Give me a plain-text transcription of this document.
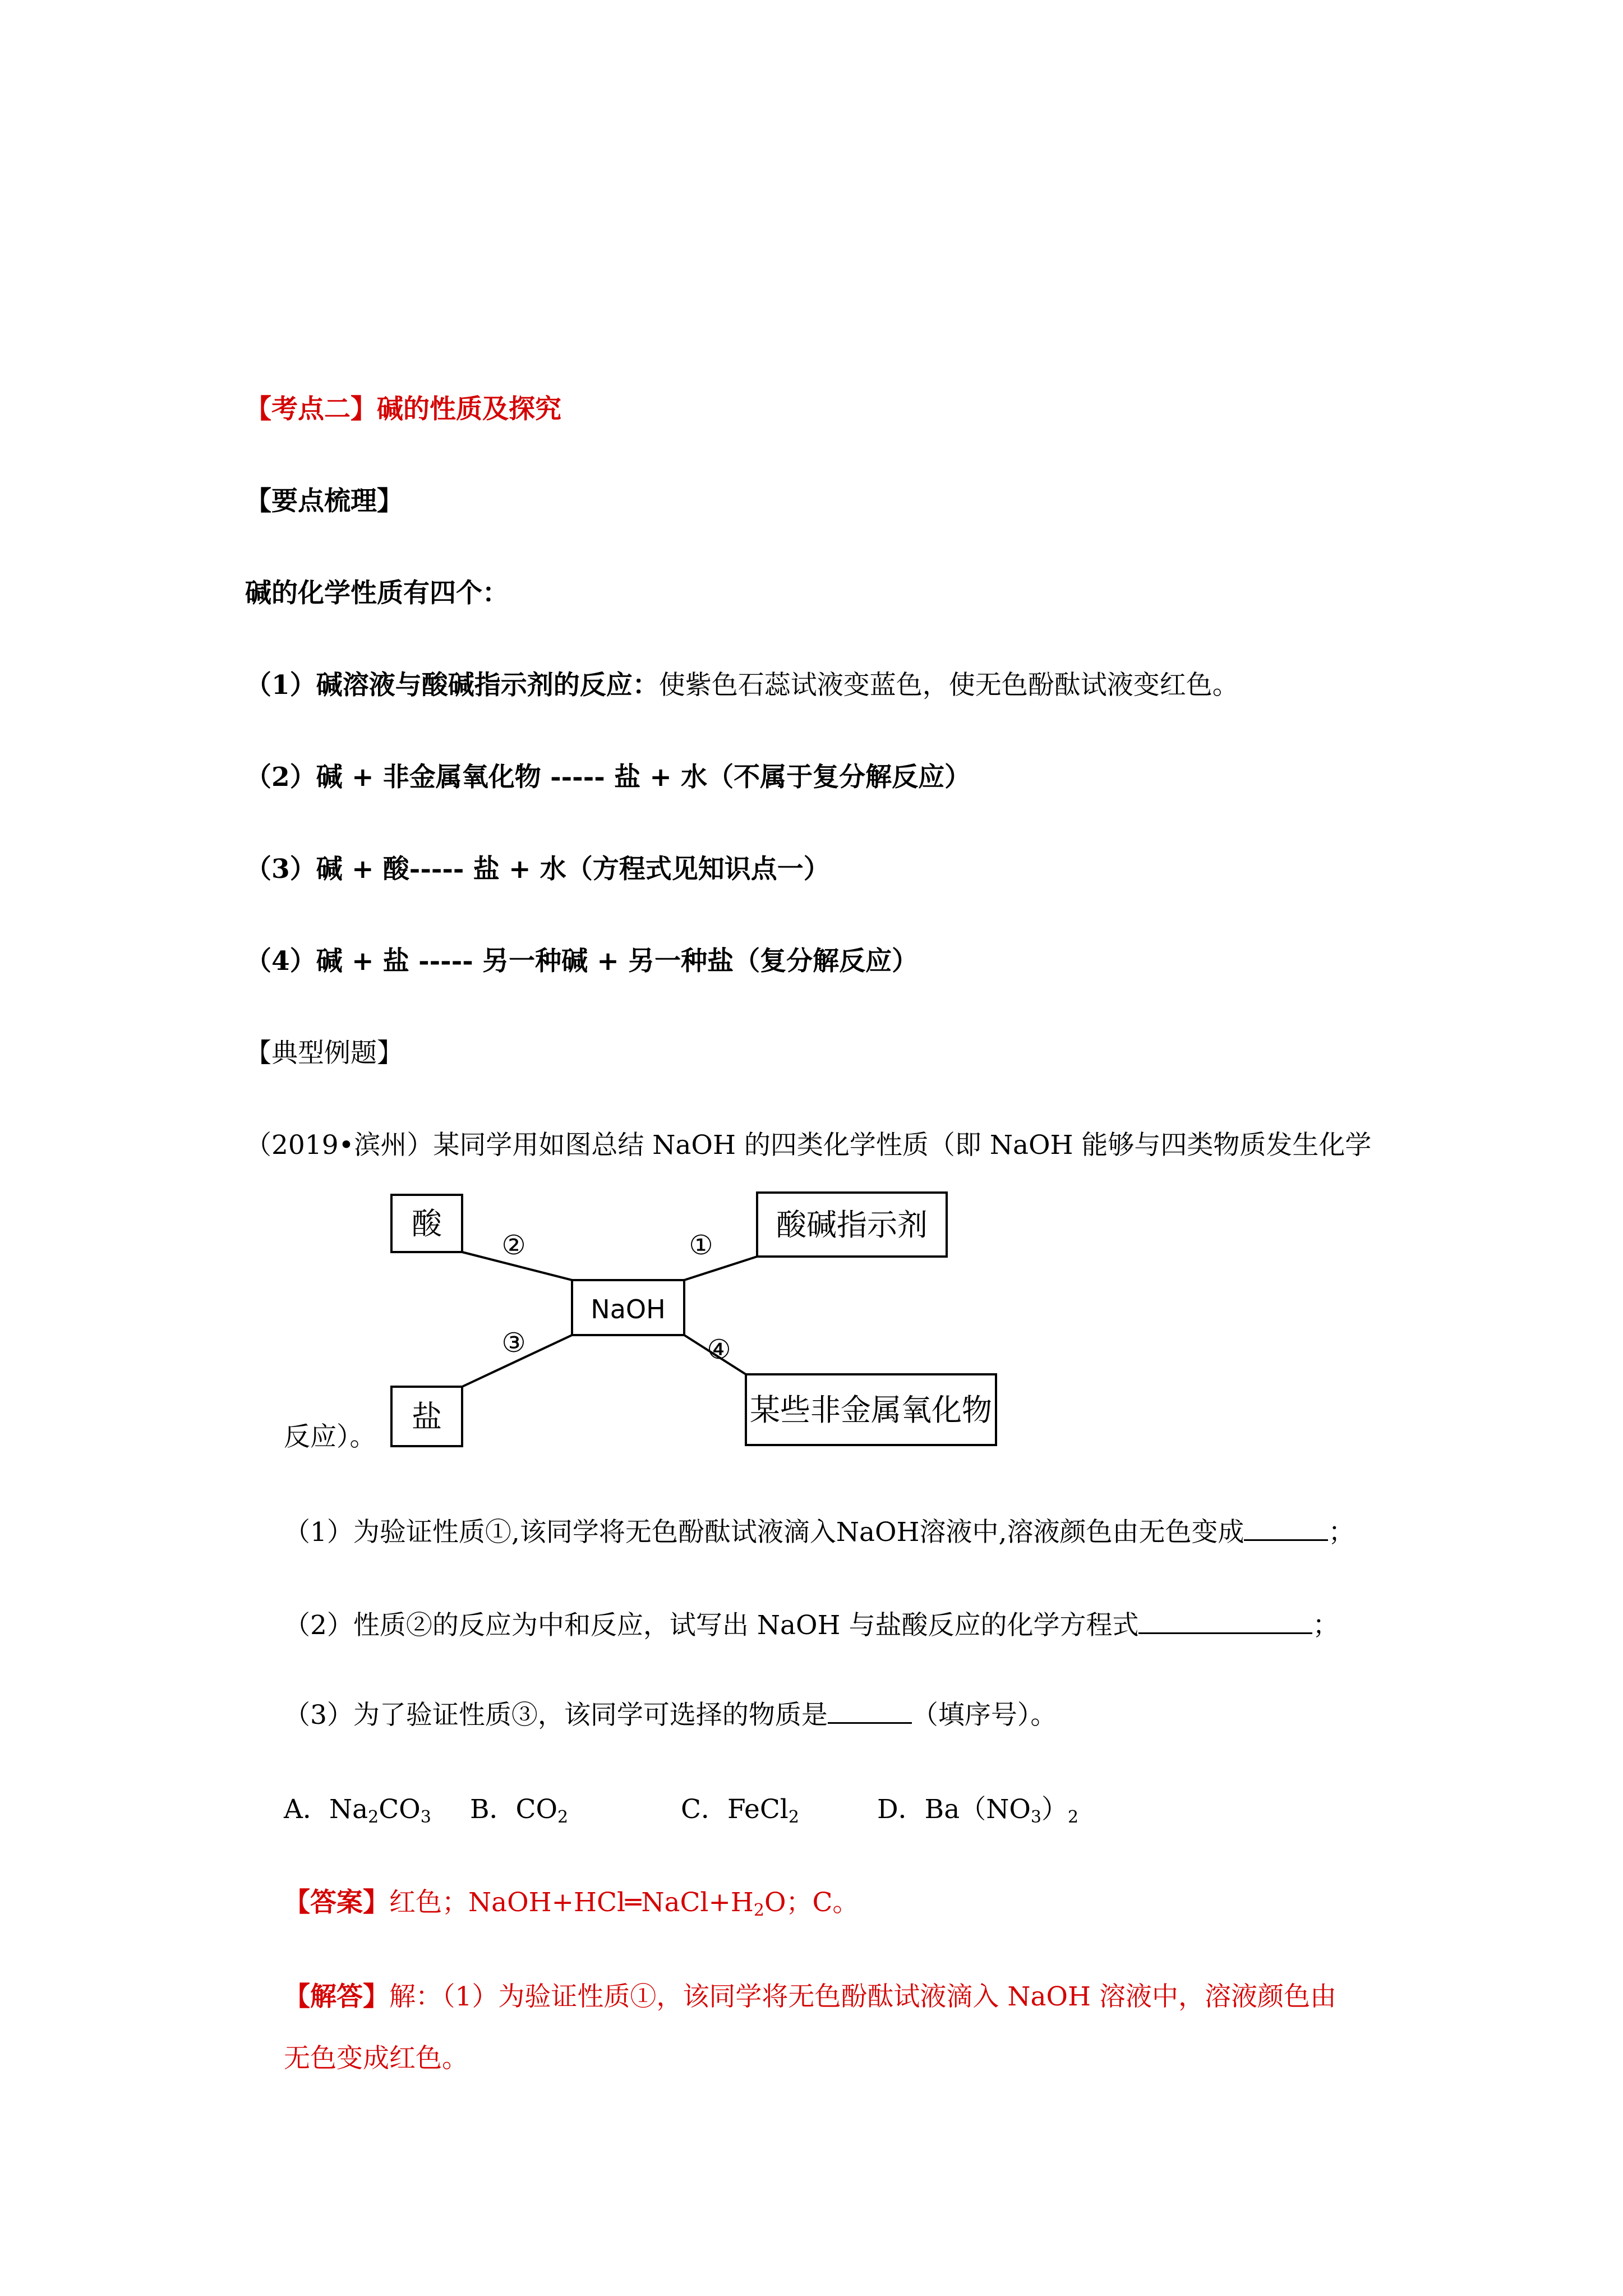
【考点二】碱的性质及探究
【要点梳理】
碱的化学性质有四个：
（1）碱溶液与酸碱指示剂的反应：使紫色石蕊试液变蓝色，使无色酚酞试液变红色。
（2）碱 + 非金属氧化物 ----- 盐 + 水（不属于复分解反应）
（3）碱 + 酸----- 盐 + 水（方程式见知识点一）
（4）碱 + 盐 ----- 另一种碱 + 另一种盐（复分解反应）
【典型例题】
（2019•滨州）某同学用如图总结 NaOH 的四类化学性质（即 NaOH 能够与四类物质发生化学
NaOH
酸	酸碱指示剂
盐	某些非金属氧化物
②	①
③	④
反应）。
（1）为验证性质①,该同学将无色酚酞试液滴入NaOH溶液中,溶液颜色由无色变成	；
（2）性质②的反应为中和反应，试写出 NaOH 与盐酸反应的化学方程式	；
（3）为了验证性质③，该同学可选择的物质是	（填序号）。
A．$Na_2CO_3$ B．$CO_2$	C．FeCl$_2$	D．$Ba(NO_3)_2$
【答案】红色；$NaOH+HCl═NaCl+H_2O$；C。
【解答】解：（1）为验证性质①，该同学将无色酚酞试液滴入 NaOH 溶液中，溶液颜色由
无色变成红色。
